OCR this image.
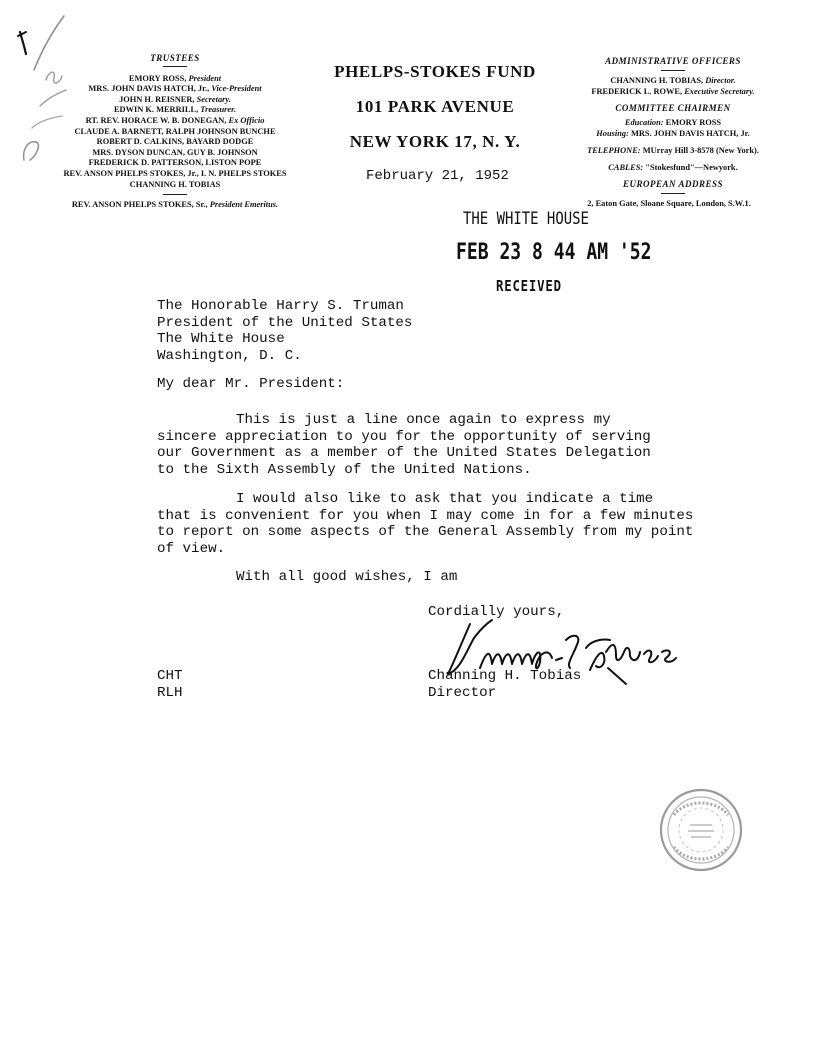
TRUSTEES
EMORY ROSS, President
MRS. JOHN DAVIS HATCH, Jr., Vice-President
JOHN H. REISNER, Secretary.
EDWIN K. MERRILL, Treasurer.
RT. REV. HORACE W. B. DONEGAN, Ex Officio
CLAUDE A. BARNETT, RALPH JOHNSON BUNCHE
ROBERT D. CALKINS, BAYARD DODGE
MRS. DYSON DUNCAN, GUY B. JOHNSON
FREDERICK D. PATTERSON, LISTON POPE
REV. ANSON PHELPS STOKES, Jr., I. N. PHELPS STOKES
CHANNING H. TOBIAS
REV. ANSON PHELPS STOKES, Sr., President Emeritus.
PHELPS-STOKES FUND
101 PARK AVENUE
NEW YORK 17, N. Y.
February 21, 1952
ADMINISTRATIVE OFFICERS
CHANNING H. TOBIAS, Director.
FREDERICK L. ROWE, Executive Secretary.
COMMITTEE CHAIRMEN
Education: EMORY ROSS
Housing: MRS. JOHN DAVIS HATCH, Jr.
TELEPHONE: MUrray Hill 3-8578 (New York).
CABLES: "Stokesfund"—Newyork.
EUROPEAN ADDRESS
2, Eaton Gate, Sloane Square, London, S.W.1.
THE WHITE HOUSE
FEB 23 8 44 AM '52
RECEIVED
The Honorable Harry S. Truman
President of the United States
The White House
Washington, D. C.
My dear Mr. President:
This is just a line once again to express my
sincere appreciation to you for the opportunity of serving
our Government as a member of the United States Delegation
to the Sixth Assembly of the United Nations.
I would also like to ask that you indicate a time
that is convenient for you when I may come in for a few minutes
to report on some aspects of the General Assembly from my point
of view.
With all good wishes, I am
Cordially yours,
Channing H. Tobias
Director
CHT
RLH
